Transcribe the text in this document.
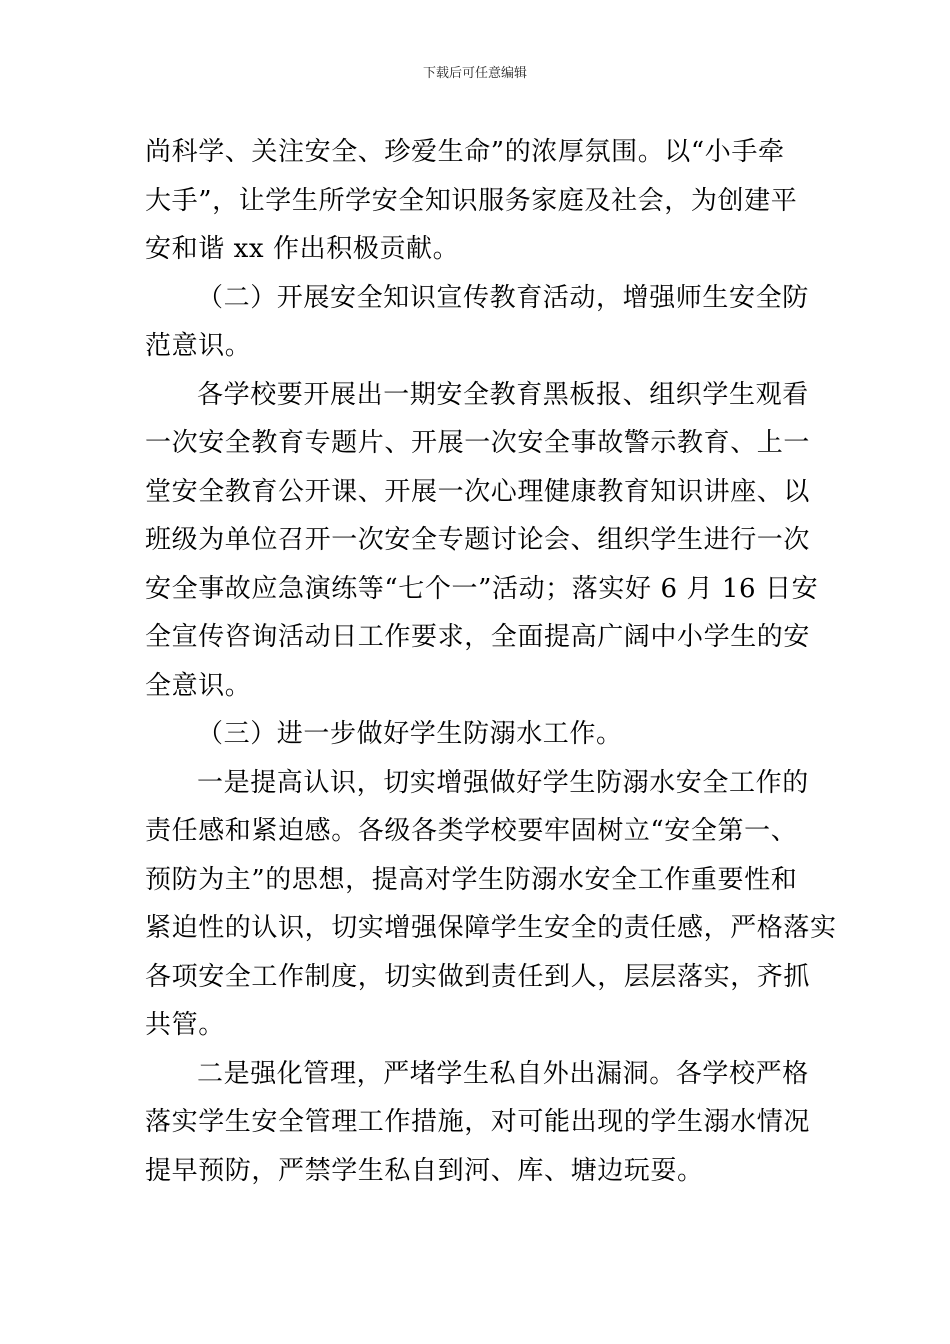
下载后可任意编辑

尚科学、关注安全、珍爱生命”的浓厚氛围。以“小手牵
大手”，让学生所学安全知识服务家庭及社会，为创建平
安和谐 xx 作出积极贡献。

（二）开展安全知识宣传教育活动，增强师生安全防
范意识。

各学校要开展出一期安全教育黑板报、组织学生观看
一次安全教育专题片、开展一次安全事故警示教育、上一
堂安全教育公开课、开展一次心理健康教育知识讲座、以
班级为单位召开一次安全专题讨论会、组织学生进行一次
安全事故应急演练等“七个一”活动；落实好 6 月 16 日安
全宣传咨询活动日工作要求，全面提高广阔中小学生的安
全意识。

（三）进一步做好学生防溺水工作。

一是提高认识，切实增强做好学生防溺水安全工作的
责任感和紧迫感。各级各类学校要牢固树立“安全第一、
预防为主”的思想，提高对学生防溺水安全工作重要性和
紧迫性的认识，切实增强保障学生安全的责任感，严格落实
各项安全工作制度，切实做到责任到人，层层落实，齐抓
共管。

二是强化管理，严堵学生私自外出漏洞。各学校严格
落实学生安全管理工作措施，对可能出现的学生溺水情况
提早预防，严禁学生私自到河、库、塘边玩耍。
